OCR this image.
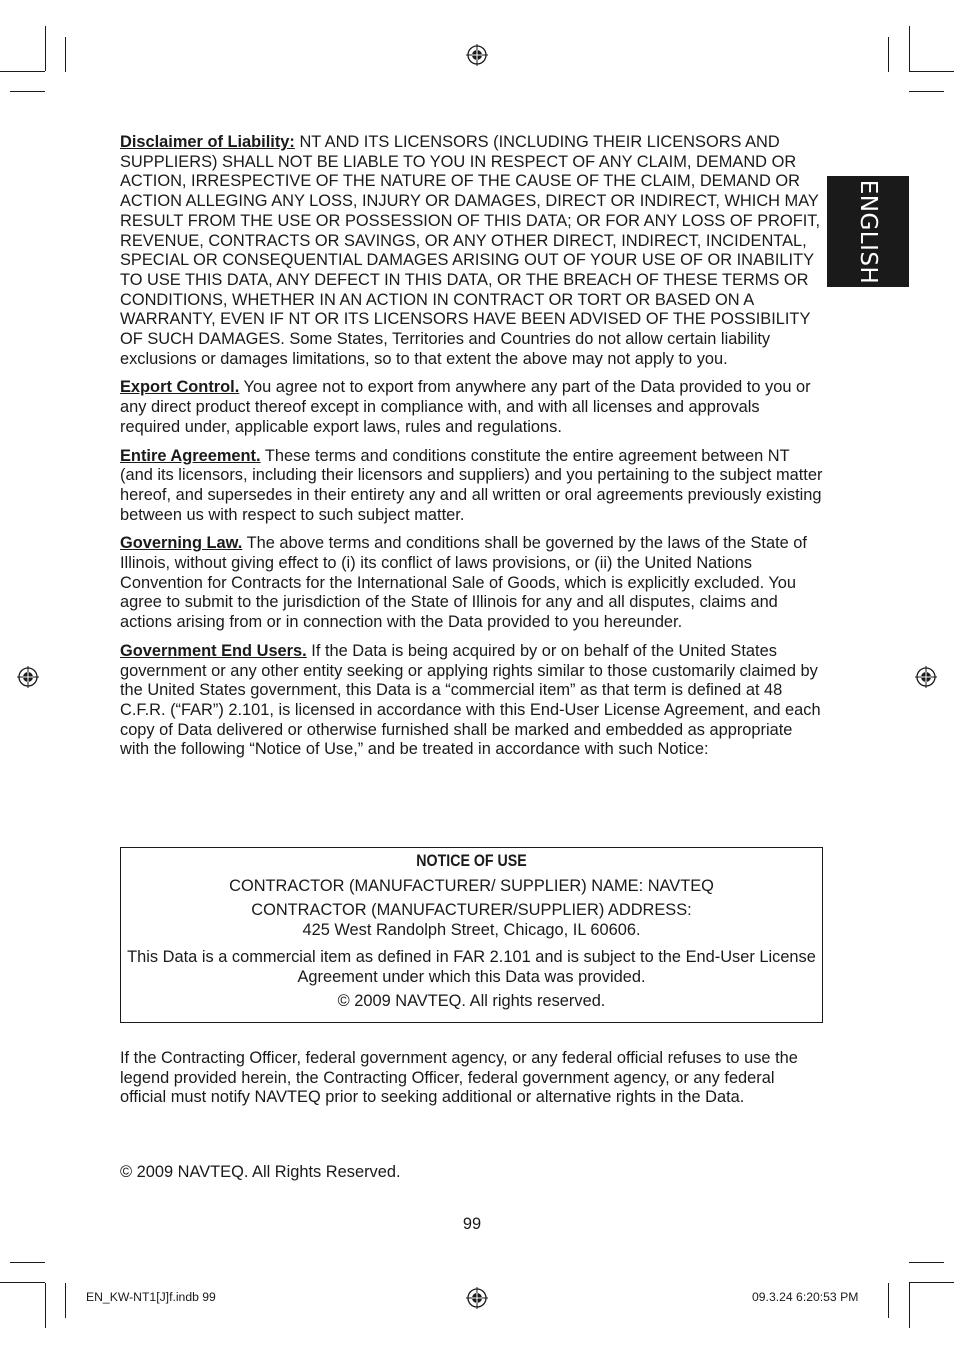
ENGLISH

Disclaimer of Liability: NT AND ITS LICENSORS (INCLUDING THEIR LICENSORS AND SUPPLIERS) SHALL NOT BE LIABLE TO YOU IN RESPECT OF ANY CLAIM, DEMAND OR ACTION, IRRESPECTIVE OF THE NATURE OF THE CAUSE OF THE CLAIM, DEMAND OR ACTION ALLEGING ANY LOSS, INJURY OR DAMAGES, DIRECT OR INDIRECT, WHICH MAY RESULT FROM THE USE OR POSSESSION OF THIS DATA; OR FOR ANY LOSS OF PROFIT, REVENUE, CONTRACTS OR SAVINGS, OR ANY OTHER DIRECT, INDIRECT, INCIDENTAL, SPECIAL OR CONSEQUENTIAL DAMAGES ARISING OUT OF YOUR USE OF OR INABILITY TO USE THIS DATA, ANY DEFECT IN THIS DATA, OR THE BREACH OF THESE TERMS OR CONDITIONS, WHETHER IN AN ACTION IN CONTRACT OR TORT OR BASED ON A WARRANTY, EVEN IF NT OR ITS LICENSORS HAVE BEEN ADVISED OF THE POSSIBILITY OF SUCH DAMAGES. Some States, Territories and Countries do not allow certain liability exclusions or damages limitations, so to that extent the above may not apply to you.

Export Control. You agree not to export from anywhere any part of the Data provided to you or any direct product thereof except in compliance with, and with all licenses and approvals required under, applicable export laws, rules and regulations.

Entire Agreement. These terms and conditions constitute the entire agreement between NT (and its licensors, including their licensors and suppliers) and you pertaining to the subject matter hereof, and supersedes in their entirety any and all written or oral agreements previously existing between us with respect to such subject matter.

Governing Law. The above terms and conditions shall be governed by the laws of the State of Illinois, without giving effect to (i) its conflict of laws provisions, or (ii) the United Nations Convention for Contracts for the International Sale of Goods, which is explicitly excluded. You agree to submit to the jurisdiction of the State of Illinois for any and all disputes, claims and actions arising from or in connection with the Data provided to you hereunder.

Government End Users. If the Data is being acquired by or on behalf of the United States government or any other entity seeking or applying rights similar to those customarily claimed by the United States government, this Data is a “commercial item” as that term is defined at 48 C.F.R. (“FAR”) 2.101, is licensed in accordance with this End-User License Agreement, and each copy of Data delivered or otherwise furnished shall be marked and embedded as appropriate with the following “Notice of Use,” and be treated in accordance with such Notice:

NOTICE OF USE
CONTRACTOR (MANUFACTURER/ SUPPLIER) NAME: NAVTEQ
CONTRACTOR (MANUFACTURER/SUPPLIER) ADDRESS:
425 West Randolph Street, Chicago, IL 60606.
This Data is a commercial item as defined in FAR 2.101 and is subject to the End-User License Agreement under which this Data was provided.
© 2009 NAVTEQ. All rights reserved.
If the Contracting Officer, federal government agency, or any federal official refuses to use the legend provided herein, the Contracting Officer, federal government agency, or any federal official must notify NAVTEQ prior to seeking additional or alternative rights in the Data.
© 2009 NAVTEQ. All Rights Reserved.
99
EN_KW-NT1[J]f.indb 99	09.3.24 6:20:53 PM
